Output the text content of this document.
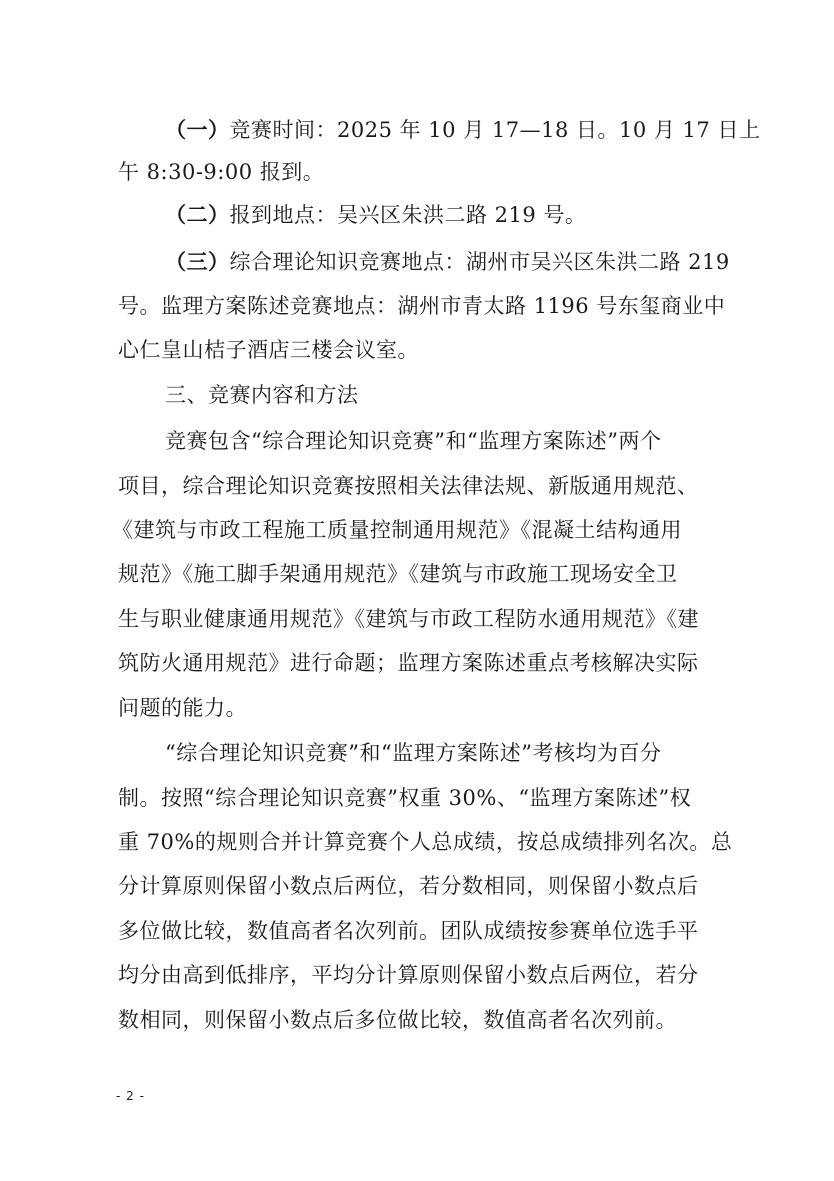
（一）竞赛时间：2025 年 10 月 17—18 日。10 月 17 日上
午 8:30-9:00 报到。
（二）报到地点：吴兴区朱洪二路 219 号。
（三）综合理论知识竞赛地点：湖州市吴兴区朱洪二路 219
号。监理方案陈述竞赛地点：湖州市青太路 1196 号东玺商业中
心仁皇山桔子酒店三楼会议室。
三、竞赛内容和方法
竞赛包含“综合理论知识竞赛”和“监理方案陈述”两个
项目，综合理论知识竞赛按照相关法律法规、新版通用规范、
《建筑与市政工程施工质量控制通用规范》《混凝土结构通用
规范》《施工脚手架通用规范》《建筑与市政施工现场安全卫
生与职业健康通用规范》《建筑与市政工程防水通用规范》《建
筑防火通用规范》进行命题；监理方案陈述重点考核解决实际
问题的能力。
“综合理论知识竞赛”和“监理方案陈述”考核均为百分
制。按照“综合理论知识竞赛”权重 30%、“监理方案陈述”权
重 70%的规则合并计算竞赛个人总成绩，按总成绩排列名次。总
分计算原则保留小数点后两位，若分数相同，则保留小数点后
多位做比较，数值高者名次列前。团队成绩按参赛单位选手平
均分由高到低排序，平均分计算原则保留小数点后两位，若分
数相同，则保留小数点后多位做比较，数值高者名次列前。
- 2 -
